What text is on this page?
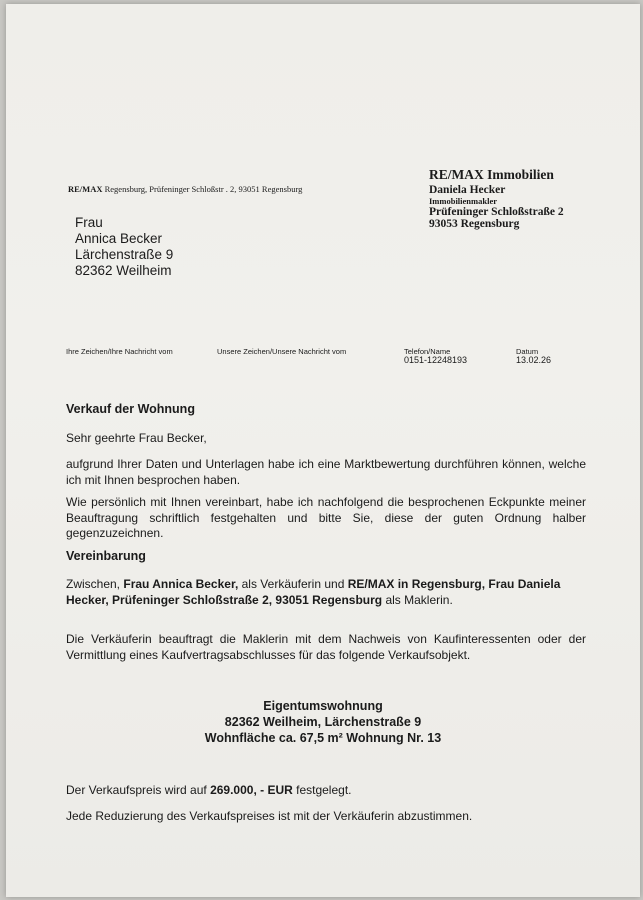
RE/MAX Regensburg, Prüfeninger Schloßstr . 2, 93051 Regensburg
RE/MAX Immobilien
Daniela Hecker
Immobilienmakler
Prüfeninger Schloßstraße 2
93053 Regensburg
Frau
Annica Becker
Lärchenstraße 9
82362 Weilheim
Ihre Zeichen/Ihre Nachricht vom	Unsere Zeichen/Unsere Nachricht vom	Telefon/Name
0151-12248193
Datum
13.02.26
Verkauf der Wohnung
Sehr geehrte Frau Becker,
aufgrund Ihrer Daten und Unterlagen habe ich eine Marktbewertung durchführen können, welche ich mit Ihnen besprochen haben.
Wie persönlich mit Ihnen vereinbart, habe ich nachfolgend die besprochenen Eckpunkte meiner Beauftragung schriftlich festgehalten und bitte Sie, diese der guten Ordnung halber gegenzuzeichnen.
Vereinbarung
Zwischen, Frau Annica Becker, als Verkäuferin und RE/MAX in Regensburg, Frau Daniela Hecker, Prüfeninger Schloßstraße 2, 93051 Regensburg als Maklerin.
Die Verkäuferin beauftragt die Maklerin mit dem Nachweis von Kaufinteressenten oder der Vermittlung eines Kaufvertragsabschlusses für das folgende Verkaufsobjekt.
Eigentumswohnung
82362 Weilheim, Lärchenstraße 9
Wohnfläche ca. 67,5 m² Wohnung Nr. 13
Der Verkaufspreis wird auf 269.000, - EUR festgelegt.
Jede Reduzierung des Verkaufspreises ist mit der Verkäuferin abzustimmen.
